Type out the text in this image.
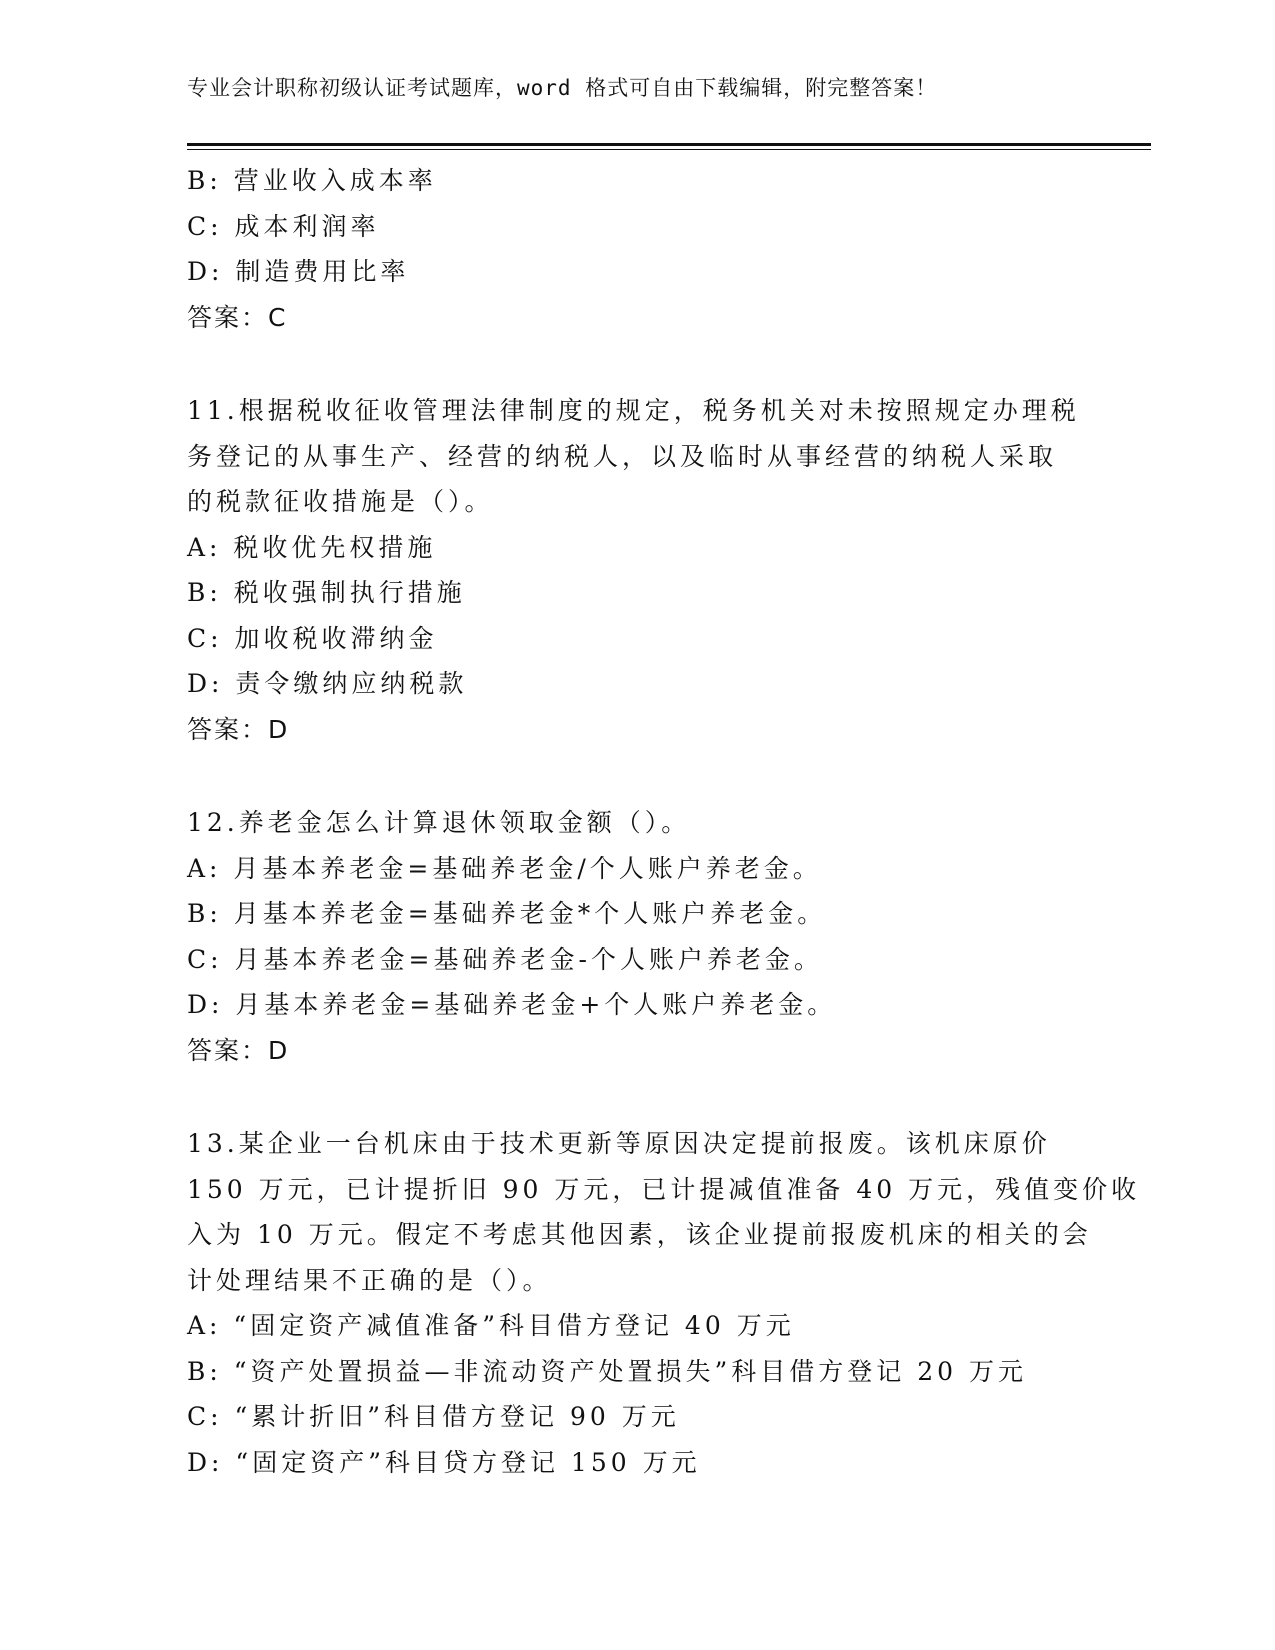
专业会计职称初级认证考试题库，word 格式可自由下载编辑，附完整答案！
B: 营业收入成本率
C: 成本利润率
D: 制造费用比率
答案：C
11.根据税收征收管理法律制度的规定，税务机关对未按照规定办理税
务登记的从事生产、经营的纳税人，以及临时从事经营的纳税人采取
的税款征收措施是（）。
A: 税收优先权措施
B: 税收强制执行措施
C: 加收税收滞纳金
D: 责令缴纳应纳税款
答案：D
12.养老金怎么计算退休领取金额（）。
A: 月基本养老金=基础养老金/个人账户养老金。
B: 月基本养老金=基础养老金*个人账户养老金。
C: 月基本养老金=基础养老金-个人账户养老金。
D: 月基本养老金=基础养老金+个人账户养老金。
答案：D
13.某企业一台机床由于技术更新等原因决定提前报废。该机床原价
150 万元，已计提折旧 90 万元，已计提减值准备 40 万元，残值变价收
入为 10 万元。假定不考虑其他因素，该企业提前报废机床的相关的会
计处理结果不正确的是（）。
A: “固定资产减值准备”科目借方登记 40 万元
B: “资产处置损益—非流动资产处置损失”科目借方登记 20 万元
C: “累计折旧”科目借方登记 90 万元
D: “固定资产”科目贷方登记 150 万元
